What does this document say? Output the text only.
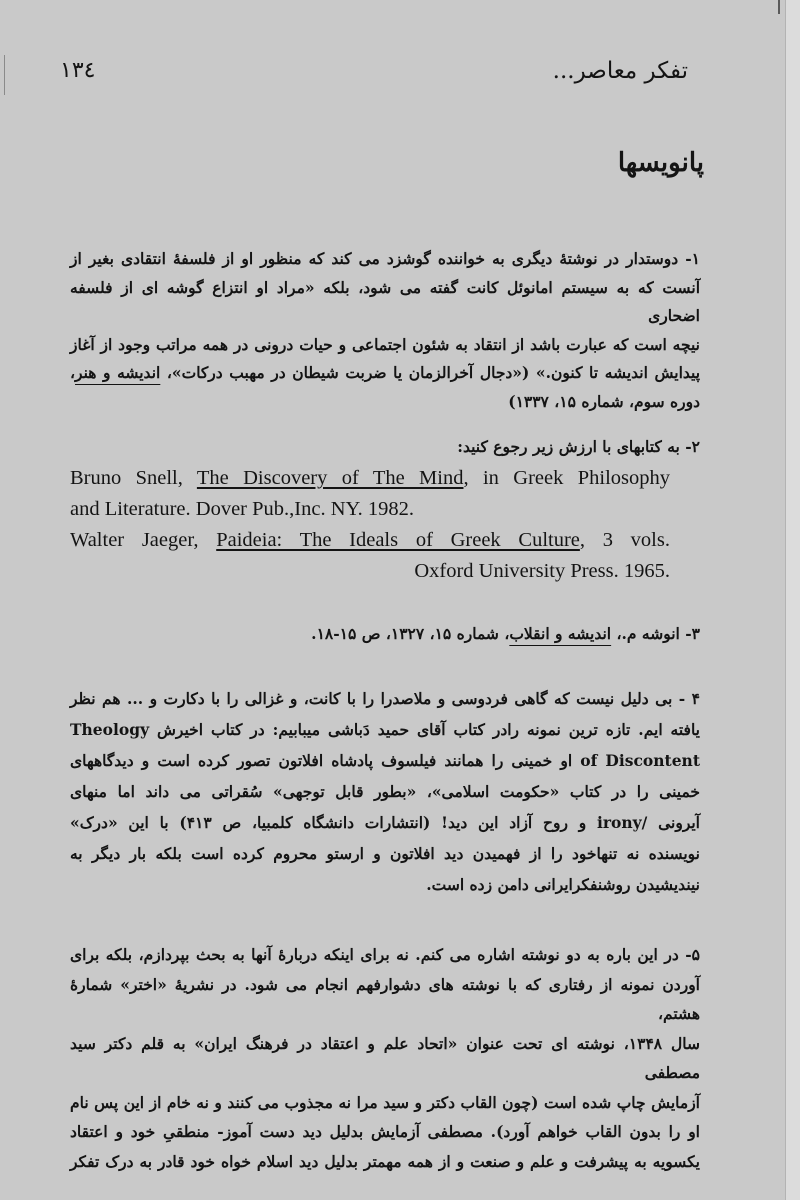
۱۳٤	تفکر معاصر...
پانویسها
۱- دوستدار در نوشتهٔ دیگری به خواننده گوشزد می کند که منظور او از فلسفهٔ انتقادی بغیر از
آنست که به سیستم امانوئل کانت گفته می شود، بلکه «مراد او انتزاع گوشه ای از فلسفه اضحاری
نیچه است که عبارت باشد از انتقاد به شئون اجتماعی و حیات درونی در همه مراتب وجود از آغاز
پیدایش اندیشه تا کنون.» («دجال آخرالزمان یا ضربت شیطان در مهبب درکات»، اندیشه و هنر،
دوره سوم، شماره ۱۵، ۱۳۳۷)
۲- به کتابهای با ارزش زیر رجوع کنید:
Bruno Snell, The Discovery of The Mind, in Greek Philosophy
and Literature. Dover Pub.,Inc. NY. 1982.
Walter Jaeger, Paideia: The Ideals of Greek Culture, 3 vols.
Oxford University Press. 1965.
۳- انوشه م.، اندیشه و انقلاب، شماره ۱۵، ۱۳۲۷، ص ۱۵-۱۸.
۴ - بی دلیل نیست که گاهی فردوسی و ملاصدرا را با کانت، و غزالی را با دکارت و ... هم نظر
یافته ایم. تازه ترین نمونه رادر کتاب آقای حمید دَباشی میبابیم: در کتاب اخیرش Theology
of Discontent او خمینی را همانند فیلسوف پادشاه افلاتون تصور کرده است و دیدگاههای
خمینی را در کتاب «حکومت اسلامی»، «بطور قابل توجهی» سُقراتی می داند اما منهای
آیرونی /irony و روح آزاد این دید! (انتشارات دانشگاه کلمبیا، ص ۴۱۳) با این «درک»
نویسنده نه تنهاخود را از فهمیدن دید افلاتون و ارستو محروم کرده است بلکه بار دیگر به
نیندیشیدن روشنفکرایرانی دامن زده است.
۵- در این باره به دو نوشته اشاره می کنم. نه برای اینکه دربارهٔ آنها به بحث بپردازم، بلکه برای
آوردن نمونه از رفتاری که با نوشته های دشوارفهم انجام می شود. در نشریهٔ «اختر» شمارهٔ هشتم،
سال ۱۳۴۸، نوشته ای تحت عنوان «اتحاد علم و اعتقاد در فرهنگ ایران» به قلم دکتر سید مصطفی
آزمایش چاپ شده است (چون القاب دکتر و سید مرا نه مجذوب می کنند و نه خام از این پس نام
او را بدون القاب خواهم آورد). مصطفی آزمایش بدلیل دید دست آموز- منطقیِ خود و اعتقاد
یکسویه به پیشرفت و علم و صنعت و از همه مهمتر بدلیل دید اسلام خواه خود قادر به درک تفکر
